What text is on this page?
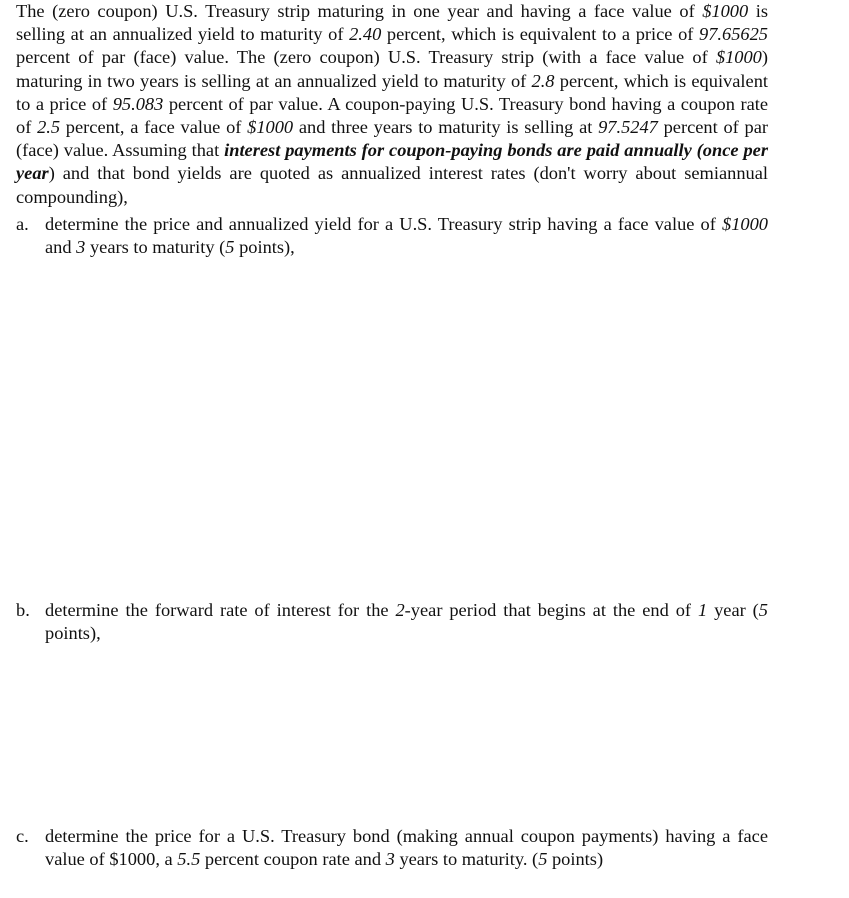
The (zero coupon) U.S. Treasury strip maturing in one year and having a face value of $1000 is selling at an annualized yield to maturity of 2.40 percent, which is equivalent to a price of 97.65625 percent of par (face) value. The (zero coupon) U.S. Treasury strip (with a face value of $1000) maturing in two years is selling at an annualized yield to maturity of 2.8 percent, which is equivalent to a price of 95.083 percent of par value. A coupon-paying U.S. Treasury bond having a coupon rate of 2.5 percent, a face value of $1000 and three years to maturity is selling at 97.5247 percent of par (face) value. Assuming that interest payments for coupon-paying bonds are paid annually (once per year) and that bond yields are quoted as annualized interest rates (don't worry about semiannual compounding),
a. determine the price and annualized yield for a U.S. Treasury strip having a face value of $1000 and 3 years to maturity (5 points),
b. determine the forward rate of interest for the 2-year period that begins at the end of 1 year (5 points),
c. determine the price for a U.S. Treasury bond (making annual coupon payments) having a face value of $1000, a 5.5 percent coupon rate and 3 years to maturity. (5 points)
